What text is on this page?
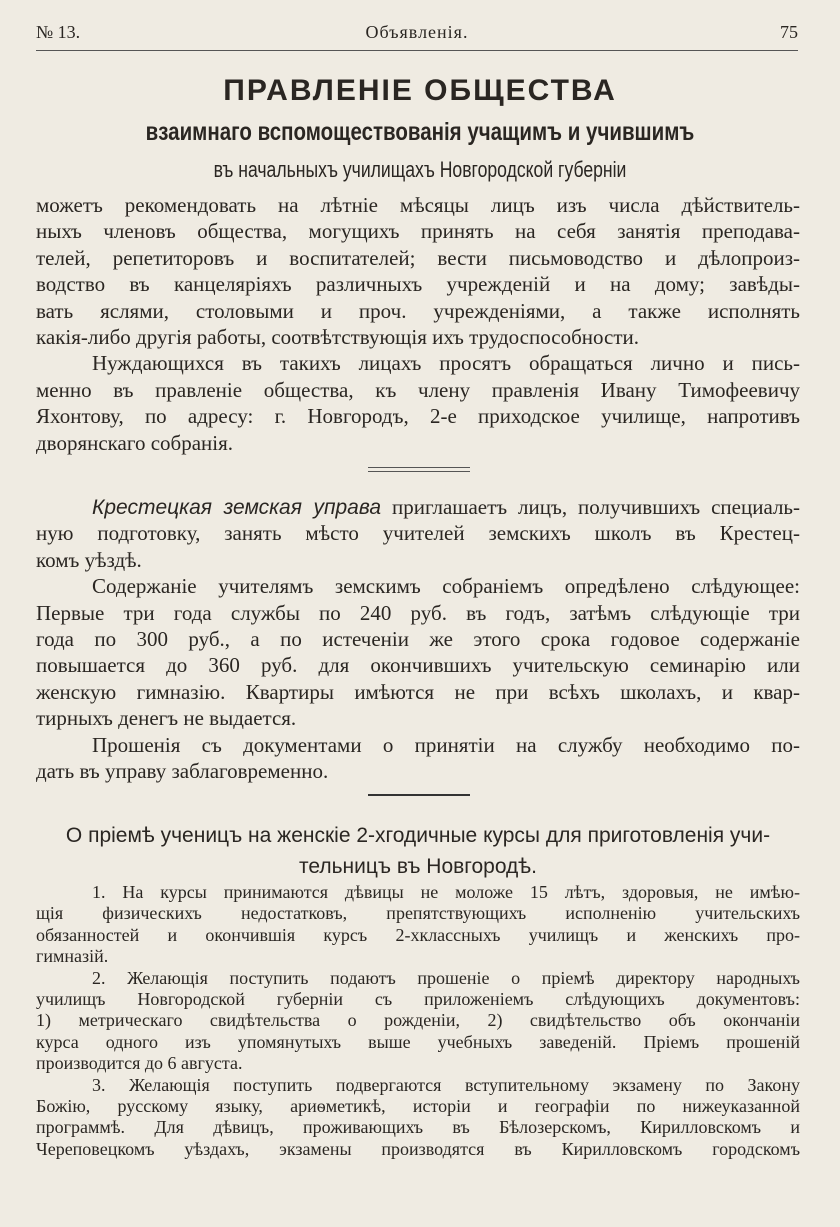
№ 13.	Объявленія.	75
ПРАВЛЕНІЕ ОБЩЕСТВА
взаимнаго вспомоществованія учащимъ и учившимъ
въ начальныхъ училищахъ Новгородской губерніи
можетъ рекомендовать на лѣтніе мѣсяцы лицъ изъ числа дѣйствитель-
ныхъ членовъ общества, могущихъ принять на себя занятія преподава-
телей, репетиторовъ и воспитателей; вести письмоводство и дѣлопроиз-
водство въ канцеляріяхъ различныхъ учрежденій и на дому; завѣды-
вать яслями, столовыми и проч. учрежденіями, а также исполнять
какія-либо другія работы, соотвѣтствующія ихъ трудоспособности.
Нуждающихся въ такихъ лицахъ просятъ обращаться лично и пись-
менно въ правленіе общества, къ члену правленія Ивану Тимофеевичу
Яхонтову, по адресу: г. Новгородъ, 2-е приходское училище, напротивъ
дворянскаго собранія.
Крестецкая земская управа приглашаетъ лицъ, получившихъ специаль-
ную подготовку, занять мѣсто учителей земскихъ школъ въ Крестец-
комъ уѣздѣ.
Содержаніе учителямъ земскимъ собраніемъ опредѣлено слѣдующее:
Первые три года службы по 240 руб. въ годъ, затѣмъ слѣдующіе три
года по 300 руб., а по истеченіи же этого срока годовое содержаніе
повышается до 360 руб. для окончившихъ учительскую семинарію или
женскую гимназію. Квартиры имѣются не при всѣхъ школахъ, и квар-
тирныхъ денегъ не выдается.
Прошенія съ документами о принятіи на службу необходимо по-
дать въ управу заблаговременно.
О пріемѣ ученицъ на женскіе 2-хгодичные курсы для приготовленія учи-
тельницъ въ Новгородѣ.
1. На курсы принимаются дѣвицы не моложе 15 лѣтъ, здоровыя, не имѣю-
щія физическихъ недостатковъ, препятствующихъ исполненію учительскихъ
обязанностей и окончившія курсъ 2-хклассныхъ училищъ и женскихъ про-
гимназій.
2. Желающія поступить подаютъ прошеніе о пріемѣ директору народныхъ
училищъ Новгородской губерніи съ приложеніемъ слѣдующихъ документовъ:
1) метрическаго свидѣтельства о рожденіи, 2) свидѣтельство объ окончаніи
курса одного изъ упомянутыхъ выше учебныхъ заведеній. Пріемъ прошеній
производится до 6 августа.
3. Желающія поступить подвергаются вступительному экзамену по Закону
Божію, русскому языку, ариѳметикѣ, исторіи и географіи по нижеуказанной
программѣ. Для дѣвицъ, проживающихъ въ Бѣлозерскомъ, Кирилловскомъ и
Череповецкомъ уѣздахъ, экзамены производятся въ Кирилловскомъ городскомъ
